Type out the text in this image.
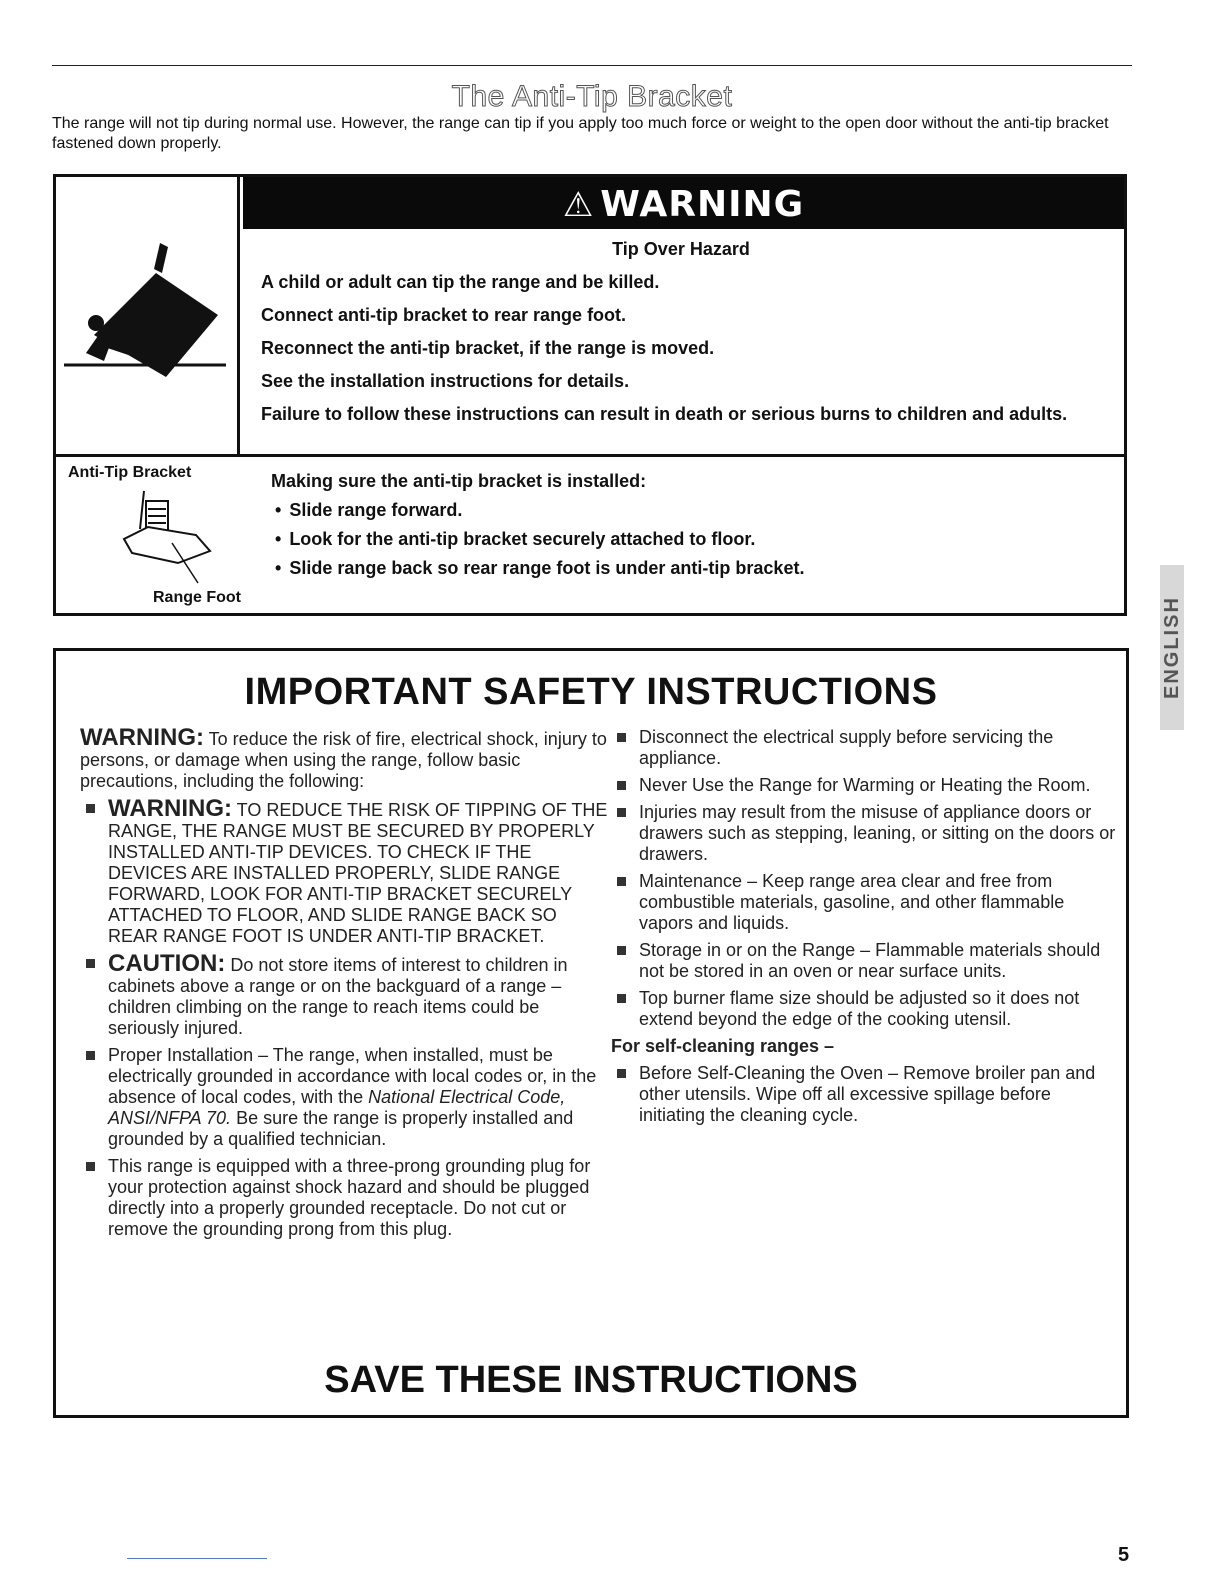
The Anti-Tip Bracket
The range will not tip during normal use. However, the range can tip if you apply too much force or weight to the open door without the anti-tip bracket fastened down properly.
⚠ WARNING
Tip Over Hazard

A child or adult can tip the range and be killed.

Connect anti-tip bracket to rear range foot.

Reconnect the anti-tip bracket, if the range is moved.

See the installation instructions for details.

Failure to follow these instructions can result in death or serious burns to children and adults.

Anti-Tip Bracket
Range Foot
Making sure the anti-tip bracket is installed:
• Slide range forward.
• Look for the anti-tip bracket securely attached to floor.
• Slide range back so rear range foot is under anti-tip bracket.
IMPORTANT SAFETY INSTRUCTIONS

WARNING: To reduce the risk of fire, electrical shock, injury to persons, or damage when using the range, follow basic precautions, including the following:

WARNING: TO REDUCE THE RISK OF TIPPING OF THE RANGE, THE RANGE MUST BE SECURED BY PROPERLY INSTALLED ANTI-TIP DEVICES. TO CHECK IF THE DEVICES ARE INSTALLED PROPERLY, SLIDE RANGE FORWARD, LOOK FOR ANTI-TIP BRACKET SECURELY ATTACHED TO FLOOR, AND SLIDE RANGE BACK SO REAR RANGE FOOT IS UNDER ANTI-TIP BRACKET.
CAUTION: Do not store items of interest to children in cabinets above a range or on the backguard of a range – children climbing on the range to reach items could be seriously injured.
Proper Installation – The range, when installed, must be electrically grounded in accordance with local codes or, in the absence of local codes, with the National Electrical Code, ANSI/NFPA 70. Be sure the range is properly installed and grounded by a qualified technician.
This range is equipped with a three-prong grounding plug for your protection against shock hazard and should be plugged directly into a properly grounded receptacle. Do not cut or remove the grounding prong from this plug.
Disconnect the electrical supply before servicing the appliance.
Never Use the Range for Warming or Heating the Room.
Injuries may result from the misuse of appliance doors or drawers such as stepping, leaning, or sitting on the doors or drawers.
Maintenance – Keep range area clear and free from combustible materials, gasoline, and other flammable vapors and liquids.
Storage in or on the Range – Flammable materials should not be stored in an oven or near surface units.
Top burner flame size should be adjusted so it does not extend beyond the edge of the cooking utensil.
For self-cleaning ranges –
Before Self-Cleaning the Oven – Remove broiler pan and other utensils. Wipe off all excessive spillage before initiating the cleaning cycle.
SAVE THESE INSTRUCTIONS
ENGLISH
5
